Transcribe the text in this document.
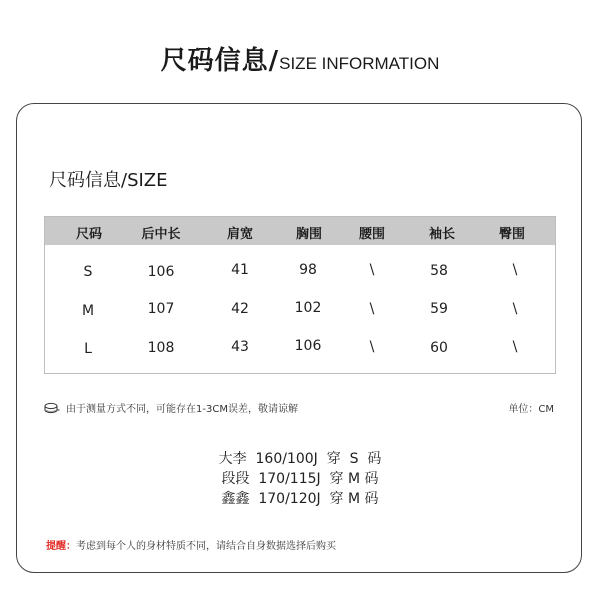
尺码信息/SIZE INFORMATION
尺码信息/SIZE
尺码	后中长	肩宽	胸围	腰围	袖长	臀围
S	106	41	98	\	58	\
M	107	42	102	\	59	\
L	108	43	106	\	60	\
由于测量方式不同，可能存在1-3CM误差，敬请谅解	单位：CM
大李  160/100J  穿  S  码
段段  170/115J  穿 M 码
鑫鑫  170/120J  穿 M 码
提醒：考虑到每个人的身材特质不同，请结合自身数据选择后购买
